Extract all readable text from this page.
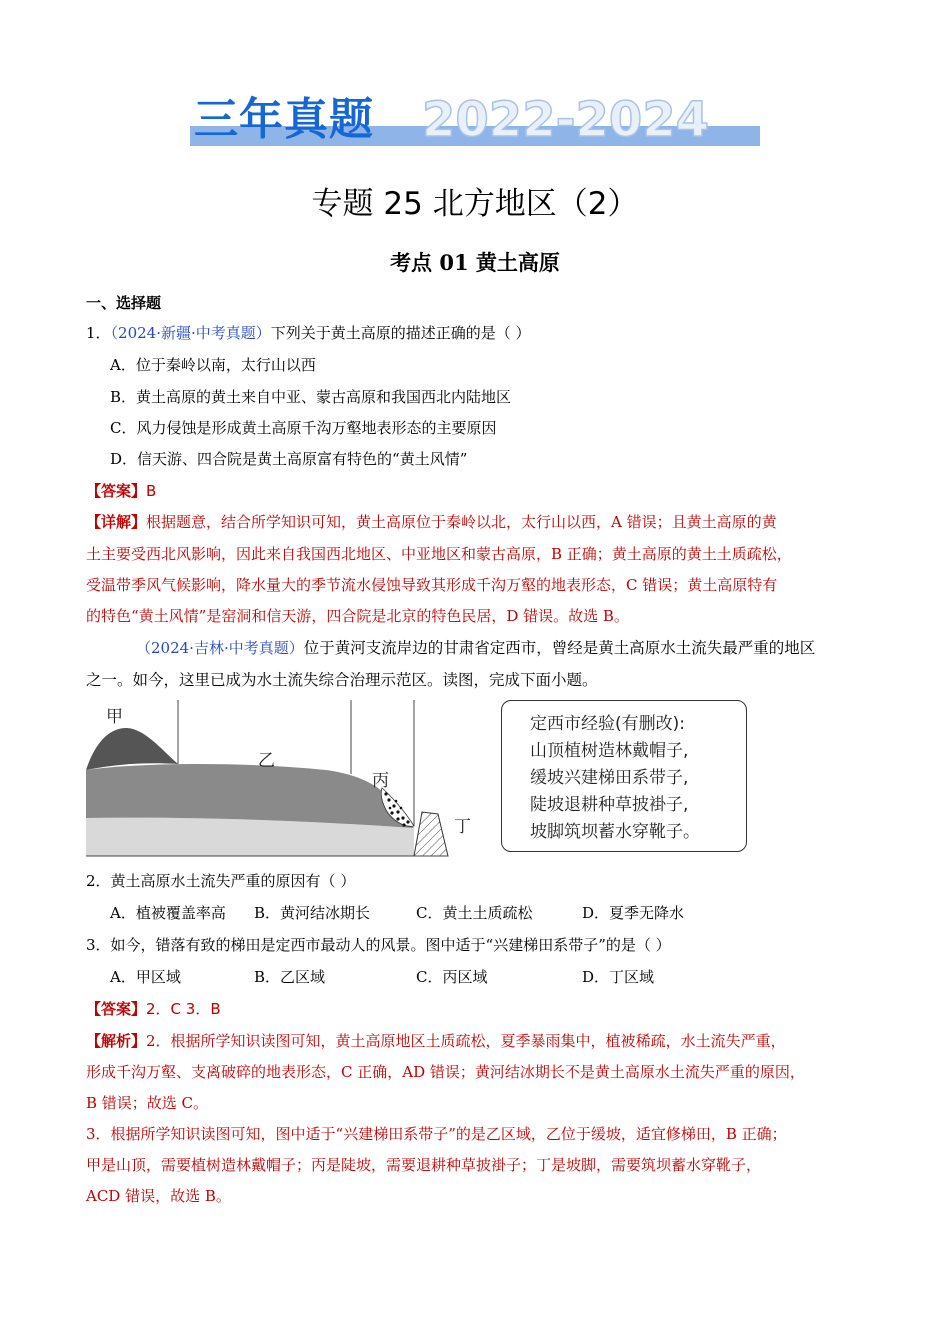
三年真题 2022-2024
专题 25 北方地区（2）
考点 01 黄土高原
一、选择题
1．（2024·新疆·中考真题）下列关于黄土高原的描述正确的是（ ）
A．位于秦岭以南，太行山以西
B．黄土高原的黄土来自中亚、蒙古高原和我国西北内陆地区
C．风力侵蚀是形成黄土高原千沟万壑地表形态的主要原因
D．信天游、四合院是黄土高原富有特色的“黄土风情”
【答案】B
【详解】根据题意，结合所学知识可知，黄土高原位于秦岭以北，太行山以西，A 错误；且黄土高原的黄
土主要受西北风影响，因此来自我国西北地区、中亚地区和蒙古高原，B 正确；黄土高原的黄土土质疏松，
受温带季风气候影响，降水量大的季节流水侵蚀导致其形成千沟万壑的地表形态，C 错误；黄土高原特有
的特色“黄土风情”是窑洞和信天游，四合院是北京的特色民居，D 错误。故选 B。
（2024·吉林·中考真题）位于黄河支流岸边的甘肃省定西市，曾经是黄土高原水土流失最严重的地区
之一。如今，这里已成为水土流失综合治理示范区。读图，完成下面小题。
甲
乙
丙
丁
定西市经验(有删改):
山顶植树造林戴帽子,
缓坡兴建梯田系带子,
陡坡退耕种草披褂子,
坡脚筑坝蓄水穿靴子。
2．黄土高原水土流失严重的原因有（ ）
A．植被覆盖率高 B．黄河结冰期长	C．黄土土质疏松	D．夏季无降水
3．如今，错落有致的梯田是定西市最动人的风景。图中适于“兴建梯田系带子”的是（ ）
A．甲区域	B．乙区域	C．丙区域	D．丁区域
【答案】2．C 3．B
【解析】2．根据所学知识读图可知，黄土高原地区土质疏松，夏季暴雨集中，植被稀疏，水土流失严重，
形成千沟万壑、支离破碎的地表形态，C 正确，AD 错误；黄河结冰期长不是黄土高原水土流失严重的原因，
B 错误；故选 C。
3．根据所学知识读图可知，图中适于“兴建梯田系带子”的是乙区域，乙位于缓坡，适宜修梯田，B 正确；
甲是山顶，需要植树造林戴帽子；丙是陡坡，需要退耕种草披褂子；丁是坡脚，需要筑坝蓄水穿靴子，
ACD 错误，故选 B。
